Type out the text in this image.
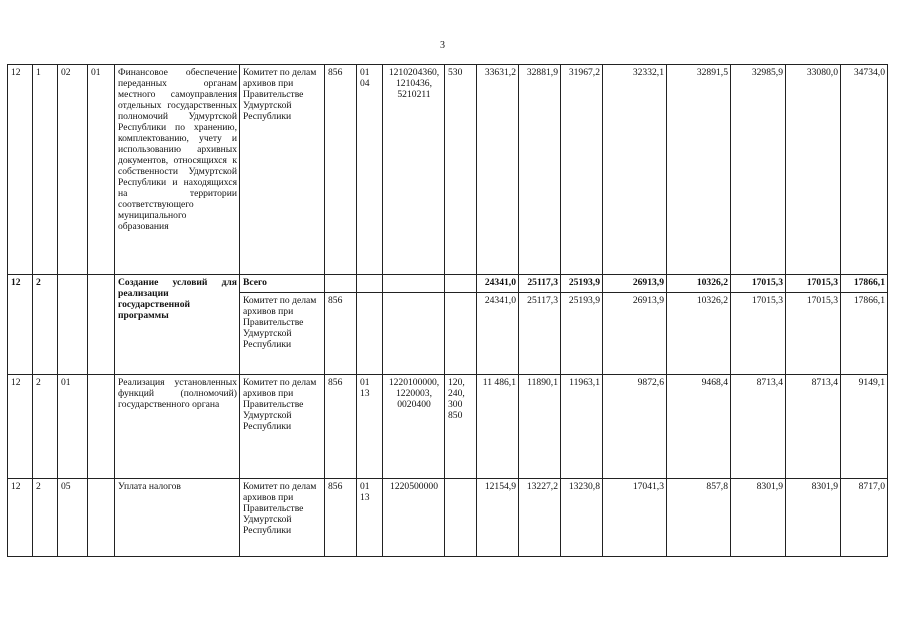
3
12	1	02	01	Финансовое обеспечение переданных органам местного самоуправления отдельных государственных полномочий Удмуртской Республики по хранению, комплектованию, учету и использованию архивных документов, относящихся к собственности Удмуртской Республики и находящихся на территории соответствующего муниципального образования	Комитет по делам архивов при Правительстве Удмуртской Республики	856	01 04	1210204360, 1210436, 5210211	530	33631,2	32881,9	31967,2	32332,1	32891,5	32985,9	33080,0	34734,0
12	2			Создание условий для реализации государственной программы	Всего					24341,0	25117,3	25193,9	26913,9	10326,2	17015,3	17015,3	17866,1
					Комитет по делам архивов при Правительстве Удмуртской Республики	856				24341,0	25117,3	25193,9	26913,9	10326,2	17015,3	17015,3	17866,1
12	2	01		Реализация установленных функций (полномочий) государственного органа	Комитет по делам архивов при Правительстве Удмуртской Республики	856	01 13	1220100000, 1220003, 0020400	120, 240, 300 850	11 486,1	11890,1	11963,1	9872,6	9468,4	8713,4	8713,4	9149,1
12	2	05		Уплата налогов	Комитет по делам архивов при Правительстве Удмуртской Республики	856	01 13	1220500000		12154,9	13227,2	13230,8	17041,3	857,8	8301,9	8301,9	8717,0
